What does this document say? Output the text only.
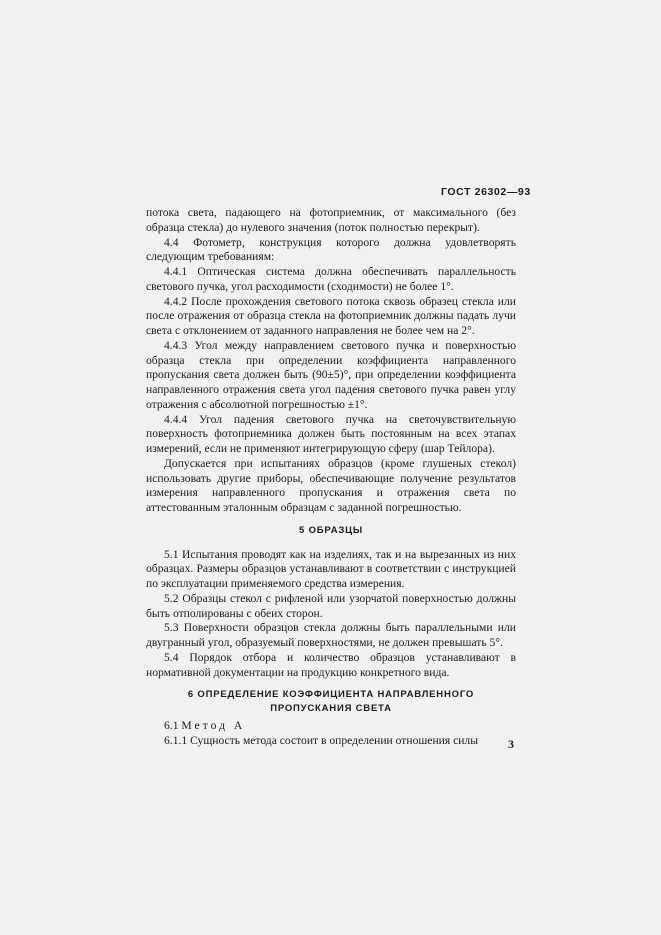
ГОСТ 26302—93

потока света, падающего на фотоприемник, от максимального (без образца стекла) до нулевого значения (поток полностью перекрыт).

4.4 Фотометр, конструкция которого должна удовлетворять следующим требованиям:

4.4.1 Оптическая система должна обеспечивать параллельность светового пучка, угол расходимости (сходимости) не более 1°.

4.4.2 После прохождения светового потока сквозь образец стекла или после отражения от образца стекла на фотоприемник должны падать лучи света с отклонением от заданного направления не более чем на 2°.

4.4.3 Угол между направлением светового пучка и поверхностью образца стекла при определении коэффициента направленного пропускания света должен быть (90±5)°, при определении коэффициента направленного отражения света угол падения светового пучка равен углу отражения с абсолютной погрешностью ±1°.

4.4.4 Угол падения светового пучка на светочувствительную поверхность фотоприемника должен быть постоянным на всех этапах измерений, если не применяют интегрирующую сферу (шар Тейлора).

Допускается при испытаниях образцов (кроме глушеных стекол) использовать другие приборы, обеспечивающие получение результатов измерения направленного пропускания и отражения света по аттестованным эталонным образцам с заданной погрешностью.

5 ОБРАЗЦЫ

5.1 Испытания проводят как на изделиях, так и на вырезанных из них образцах. Размеры образцов устанавливают в соответствии с инструкцией по эксплуатации применяемого средства измерения.

5.2 Образцы стекол с рифленой или узорчатой поверхностью должны быть отполированы с обеих сторон.

5.3 Поверхности образцов стекла должны быть параллельными или двугранный угол, образуемый поверхностями, не должен превышать 5°.

5.4 Порядок отбора и количество образцов устанавливают в нормативной документации на продукцию конкретного вида.

6 ОПРЕДЕЛЕНИЕ КОЭФФИЦИЕНТА НАПРАВЛЕННОГО
ПРОПУСКАНИЯ СВЕТА

6.1 Метод А

6.1.1 Сущность метода состоит в определении отношения силы	3
